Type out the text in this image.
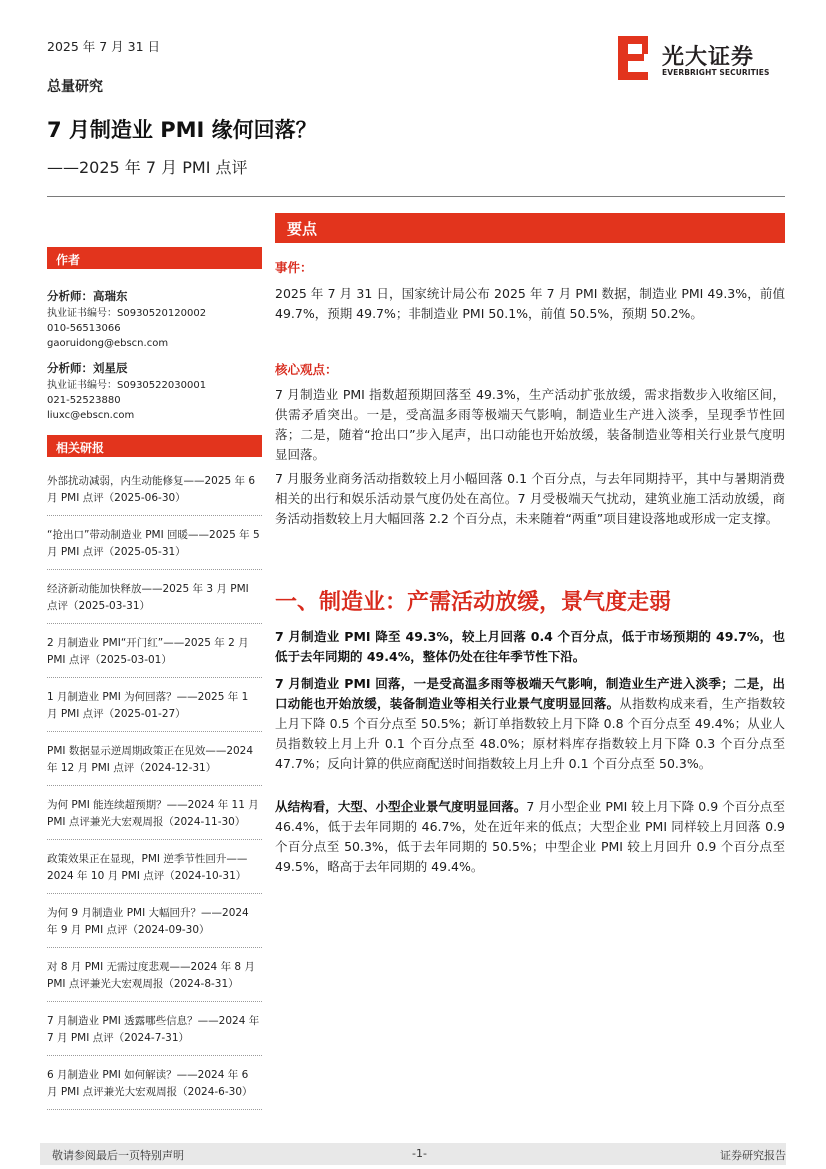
2025 年 7 月 31 日	光大证券
EVERBRIGHT SECURITIES
总量研究
7 月制造业 PMI 缘何回落？
——2025 年 7 月 PMI 点评
作者
分析师：高瑞东
执业证书编号：S0930520120002
010-56513066
gaoruidong@ebscn.com
分析师：刘星辰
执业证书编号：S0930522030001
021-52523880
liuxc@ebscn.com
相关研报
外部扰动减弱，内生动能修复——2025 年 6 月 PMI 点评（2025-06-30）
“抢出口”带动制造业 PMI 回暖——2025 年 5 月 PMI 点评（2025-05-31）
经济新动能加快释放——2025 年 3 月 PMI 点评（2025-03-31）
2 月制造业 PMI“开门红”——2025 年 2 月 PMI 点评（2025-03-01）
1 月制造业 PMI 为何回落？——2025 年 1 月 PMI 点评（2025-01-27）
PMI 数据显示逆周期政策正在见效——2024 年 12 月 PMI 点评（2024-12-31）
为何 PMI 能连续超预期？——2024 年 11 月 PMI 点评兼光大宏观周报（2024-11-30）
政策效果正在显现，PMI 逆季节性回升——2024 年 10 月 PMI 点评（2024-10-31）
为何 9 月制造业 PMI 大幅回升？——2024 年 9 月 PMI 点评（2024-09-30）
对 8 月 PMI 无需过度悲观——2024 年 8 月 PMI 点评兼光大宏观周报（2024-8-31）
7 月制造业 PMI 透露哪些信息？——2024 年 7 月 PMI 点评（2024-7-31）
6 月制造业 PMI 如何解读？——2024 年 6 月 PMI 点评兼光大宏观周报（2024-6-30）
要点
事件：
2025 年 7 月 31 日，国家统计局公布 2025 年 7 月 PMI 数据，制造业 PMI 49.3%，前值 49.7%，预期 49.7%；非制造业 PMI 50.1%，前值 50.5%，预期 50.2%。
核心观点：
7 月制造业 PMI 指数超预期回落至 49.3%，生产活动扩张放缓，需求指数步入收缩区间，供需矛盾突出。一是，受高温多雨等极端天气影响，制造业生产进入淡季，呈现季节性回落；二是，随着“抢出口”步入尾声，出口动能也开始放缓，装备制造业等相关行业景气度明显回落。
7 月服务业商务活动指数较上月小幅回落 0.1 个百分点，与去年同期持平，其中与暑期消费相关的出行和娱乐活动景气度仍处在高位。7 月受极端天气扰动，建筑业施工活动放缓，商务活动指数较上月大幅回落 2.2 个百分点，未来随着“两重”项目建设落地或形成一定支撑。
一、制造业：产需活动放缓，景气度走弱
7 月制造业 PMI 降至 49.3%，较上月回落 0.4 个百分点，低于市场预期的 49.7%，也低于去年同期的 49.4%，整体仍处在往年季节性下沿。
7 月制造业 PMI 回落，一是受高温多雨等极端天气影响，制造业生产进入淡季；二是，出口动能也开始放缓，装备制造业等相关行业景气度明显回落。从指数构成来看，生产指数较上月下降 0.5 个百分点至 50.5%；新订单指数较上月下降 0.8 个百分点至 49.4%；从业人员指数较上月上升 0.1 个百分点至 48.0%；原材料库存指数较上月下降 0.3 个百分点至 47.7%；反向计算的供应商配送时间指数较上月上升 0.1 个百分点至 50.3%。
从结构看，大型、小型企业景气度明显回落。7 月小型企业 PMI 较上月下降 0.9 个百分点至 46.4%，低于去年同期的 46.7%，处在近年来的低点；大型企业 PMI 同样较上月回落 0.9 个百分点至 50.3%，低于去年同期的 50.5%；中型企业 PMI 较上月回升 0.9 个百分点至 49.5%，略高于去年同期的 49.4%。
敬请参阅最后一页特别声明	-1-	证券研究报告
